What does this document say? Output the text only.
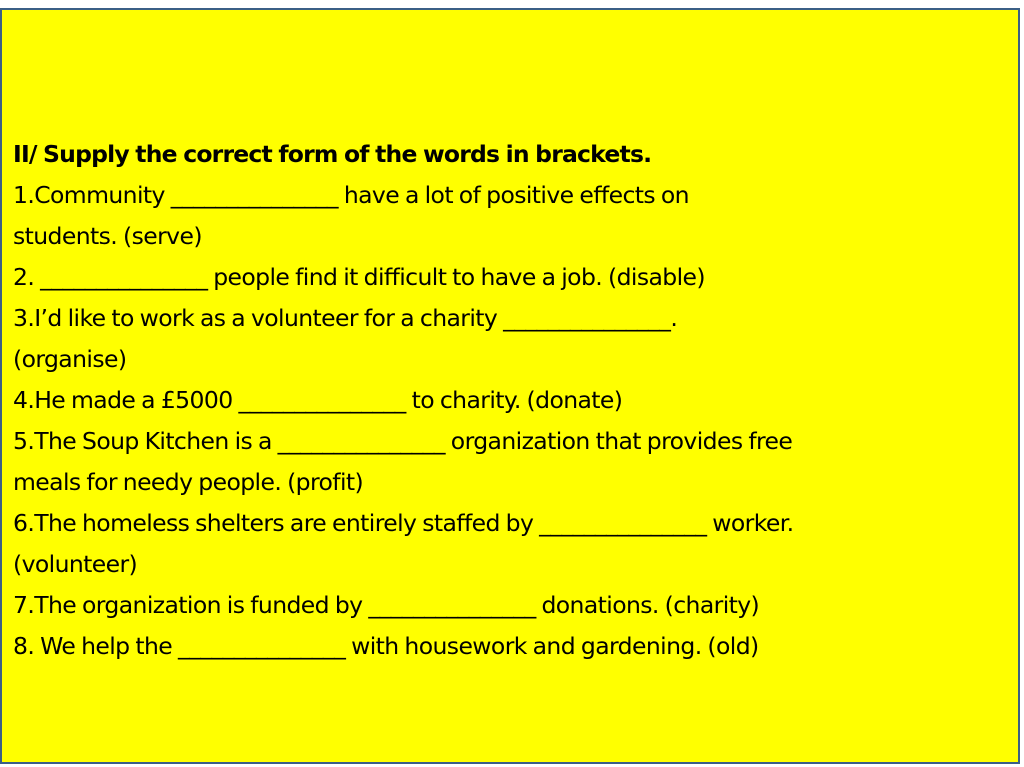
II/ Supply the correct form of the words in brackets.
1.Community _______________ have a lot of positive effects on
students. (serve)
2. _______________ people find it difficult to have a job. (disable)
3.I’d like to work as a volunteer for a charity _______________.
(organise)
4.He made a £5000 _______________ to charity. (donate)
5.The Soup Kitchen is a _______________ organization that provides free
meals for needy people. (profit)
6.The homeless shelters are entirely staffed by _______________ worker.
(volunteer)
7.The organization is funded by _______________ donations. (charity)
8. We help the _______________ with housework and gardening. (old)
